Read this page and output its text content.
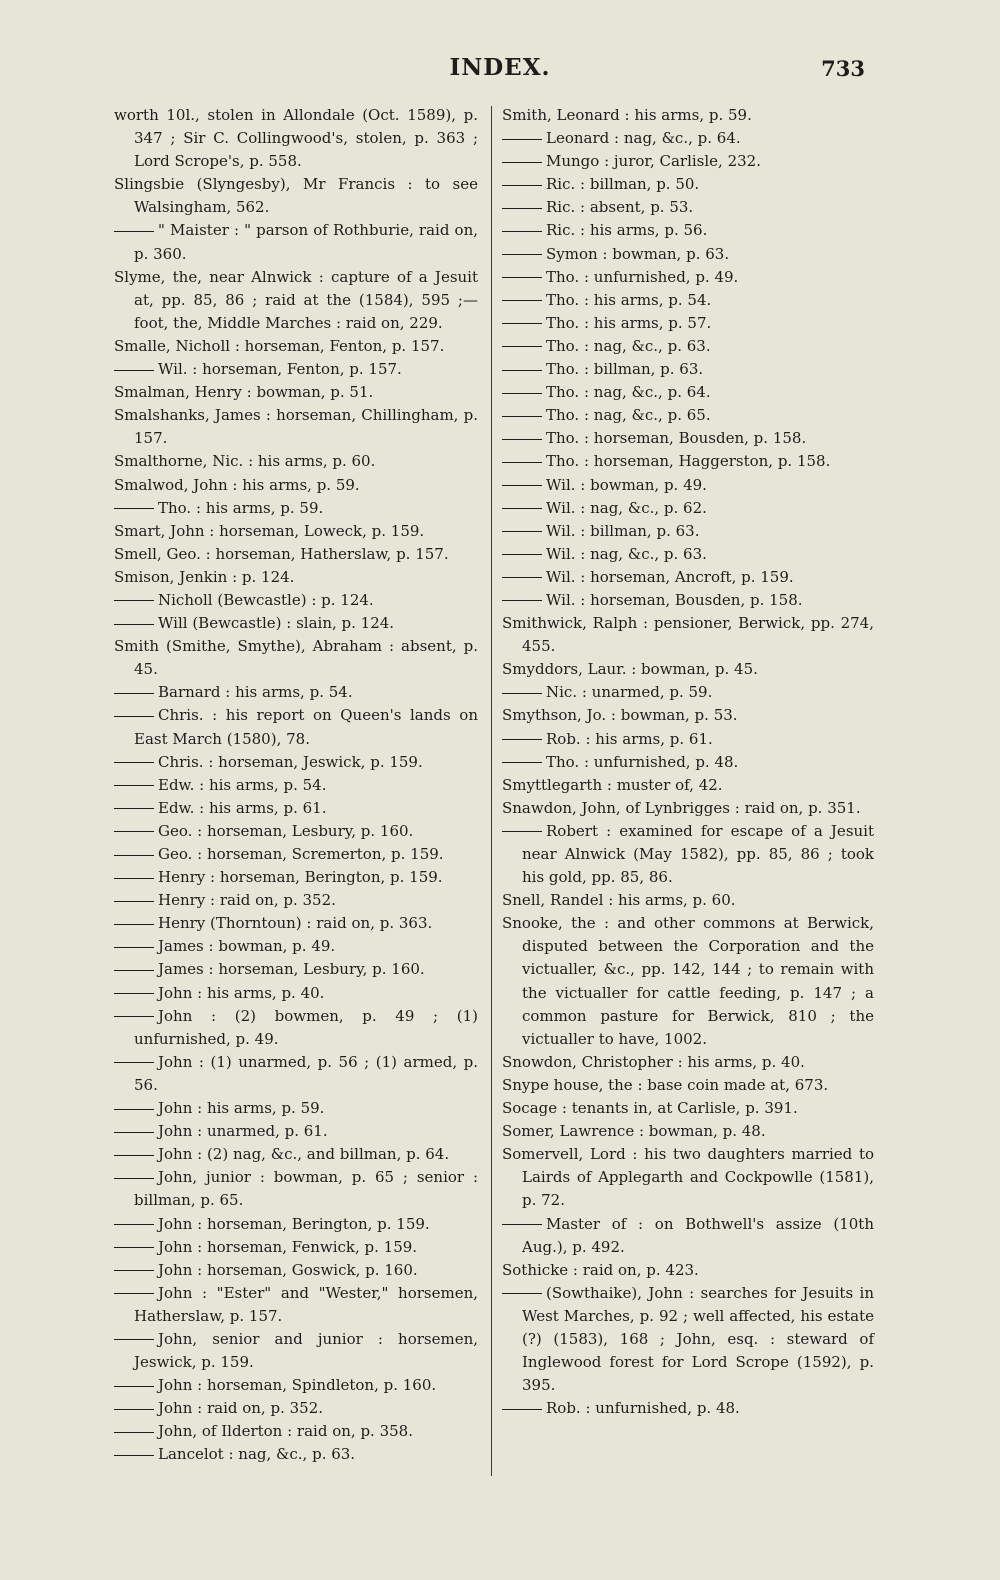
INDEX.	733
worth 10l., stolen in Allondale (Oct. 1589), p. 347 ; Sir C. Collingwood's, stolen, p. 363 ; Lord Scrope's, p. 558.
Slingsbie (Slyngesby), Mr Francis : to see Walsingham, 562.
" Maister : " parson of Rothburie, raid on, p. 360.
Slyme, the, near Alnwick : capture of a Jesuit at, pp. 85, 86 ; raid at the (1584), 595 ;—foot, the, Middle Marches : raid on, 229.
Smalle, Nicholl : horseman, Fenton, p. 157.
Wil. : horseman, Fenton, p. 157.
Smalman, Henry : bowman, p. 51.
Smalshanks, James : horseman, Chillingham, p. 157.
Smalthorne, Nic. : his arms, p. 60.
Smalwod, John : his arms, p. 59.
Tho. : his arms, p. 59.
Smart, John : horseman, Loweck, p. 159.
Smell, Geo. : horseman, Hatherslaw, p. 157.
Smison, Jenkin : p. 124.
Nicholl (Bewcastle) : p. 124.
Will (Bewcastle) : slain, p. 124.
Smith (Smithe, Smythe), Abraham : absent, p. 45.
Barnard : his arms, p. 54.
Chris. : his report on Queen's lands on East March (1580), 78.
Chris. : horseman, Jeswick, p. 159.
Edw. : his arms, p. 54.
Edw. : his arms, p. 61.
Geo. : horseman, Lesbury, p. 160.
Geo. : horseman, Scremerton, p. 159.
Henry : horseman, Berington, p. 159.
Henry : raid on, p. 352.
Henry (Thorntoun) : raid on, p. 363.
James : bowman, p. 49.
James : horseman, Lesbury, p. 160.
John : his arms, p. 40.
John : (2) bowmen, p. 49 ; (1) unfurnished, p. 49.
John : (1) unarmed, p. 56 ; (1) armed, p. 56.
John : his arms, p. 59.
John : unarmed, p. 61.
John : (2) nag, &c., and billman, p. 64.
John, junior : bowman, p. 65 ; senior : billman, p. 65.
John : horseman, Berington, p. 159.
John : horseman, Fenwick, p. 159.
John : horseman, Goswick, p. 160.
John : "Ester" and "Wester," horsemen, Hatherslaw, p. 157.
John, senior and junior : horsemen, Jeswick, p. 159.
John : horseman, Spindleton, p. 160.
John : raid on, p. 352.
John, of Ilderton : raid on, p. 358.
Lancelot : nag, &c., p. 63.
Smith, Leonard : his arms, p. 59.
Leonard : nag, &c., p. 64.
Mungo : juror, Carlisle, 232.
Ric. : billman, p. 50.
Ric. : absent, p. 53.
Ric. : his arms, p. 56.
Symon : bowman, p. 63.
Tho. : unfurnished, p. 49.
Tho. : his arms, p. 54.
Tho. : his arms, p. 57.
Tho. : nag, &c., p. 63.
Tho. : billman, p. 63.
Tho. : nag, &c., p. 64.
Tho. : nag, &c., p. 65.
Tho. : horseman, Bousden, p. 158.
Tho. : horseman, Haggerston, p. 158.
Wil. : bowman, p. 49.
Wil. : nag, &c., p. 62.
Wil. : billman, p. 63.
Wil. : nag, &c., p. 63.
Wil. : horseman, Ancroft, p. 159.
Wil. : horseman, Bousden, p. 158.
Smithwick, Ralph : pensioner, Berwick, pp. 274, 455.
Smyddors, Laur. : bowman, p. 45.
Nic. : unarmed, p. 59.
Smythson, Jo. : bowman, p. 53.
Rob. : his arms, p. 61.
Tho. : unfurnished, p. 48.
Smyttlegarth : muster of, 42.
Snawdon, John, of Lynbrigges : raid on, p. 351.
Robert : examined for escape of a Jesuit near Alnwick (May 1582), pp. 85, 86 ; took his gold, pp. 85, 86.
Snell, Randel : his arms, p. 60.
Snooke, the : and other commons at Berwick, disputed between the Corporation and the victualler, &c., pp. 142, 144 ; to remain with the victualler for cattle feeding, p. 147 ; a common pasture for Berwick, 810 ; the victualler to have, 1002.
Snowdon, Christopher : his arms, p. 40.
Snype house, the : base coin made at, 673.
Socage : tenants in, at Carlisle, p. 391.
Somer, Lawrence : bowman, p. 48.
Somervell, Lord : his two daughters married to Lairds of Applegarth and Cockpowlle (1581), p. 72.
Master of : on Bothwell's assize (10th Aug.), p. 492.
Sothicke : raid on, p. 423.
(Sowthaike), John : searches for Jesuits in West Marches, p. 92 ; well affected, his estate (?) (1583), 168 ; John, esq. : steward of Inglewood forest for Lord Scrope (1592), p. 395.
Rob. : unfurnished, p. 48.
